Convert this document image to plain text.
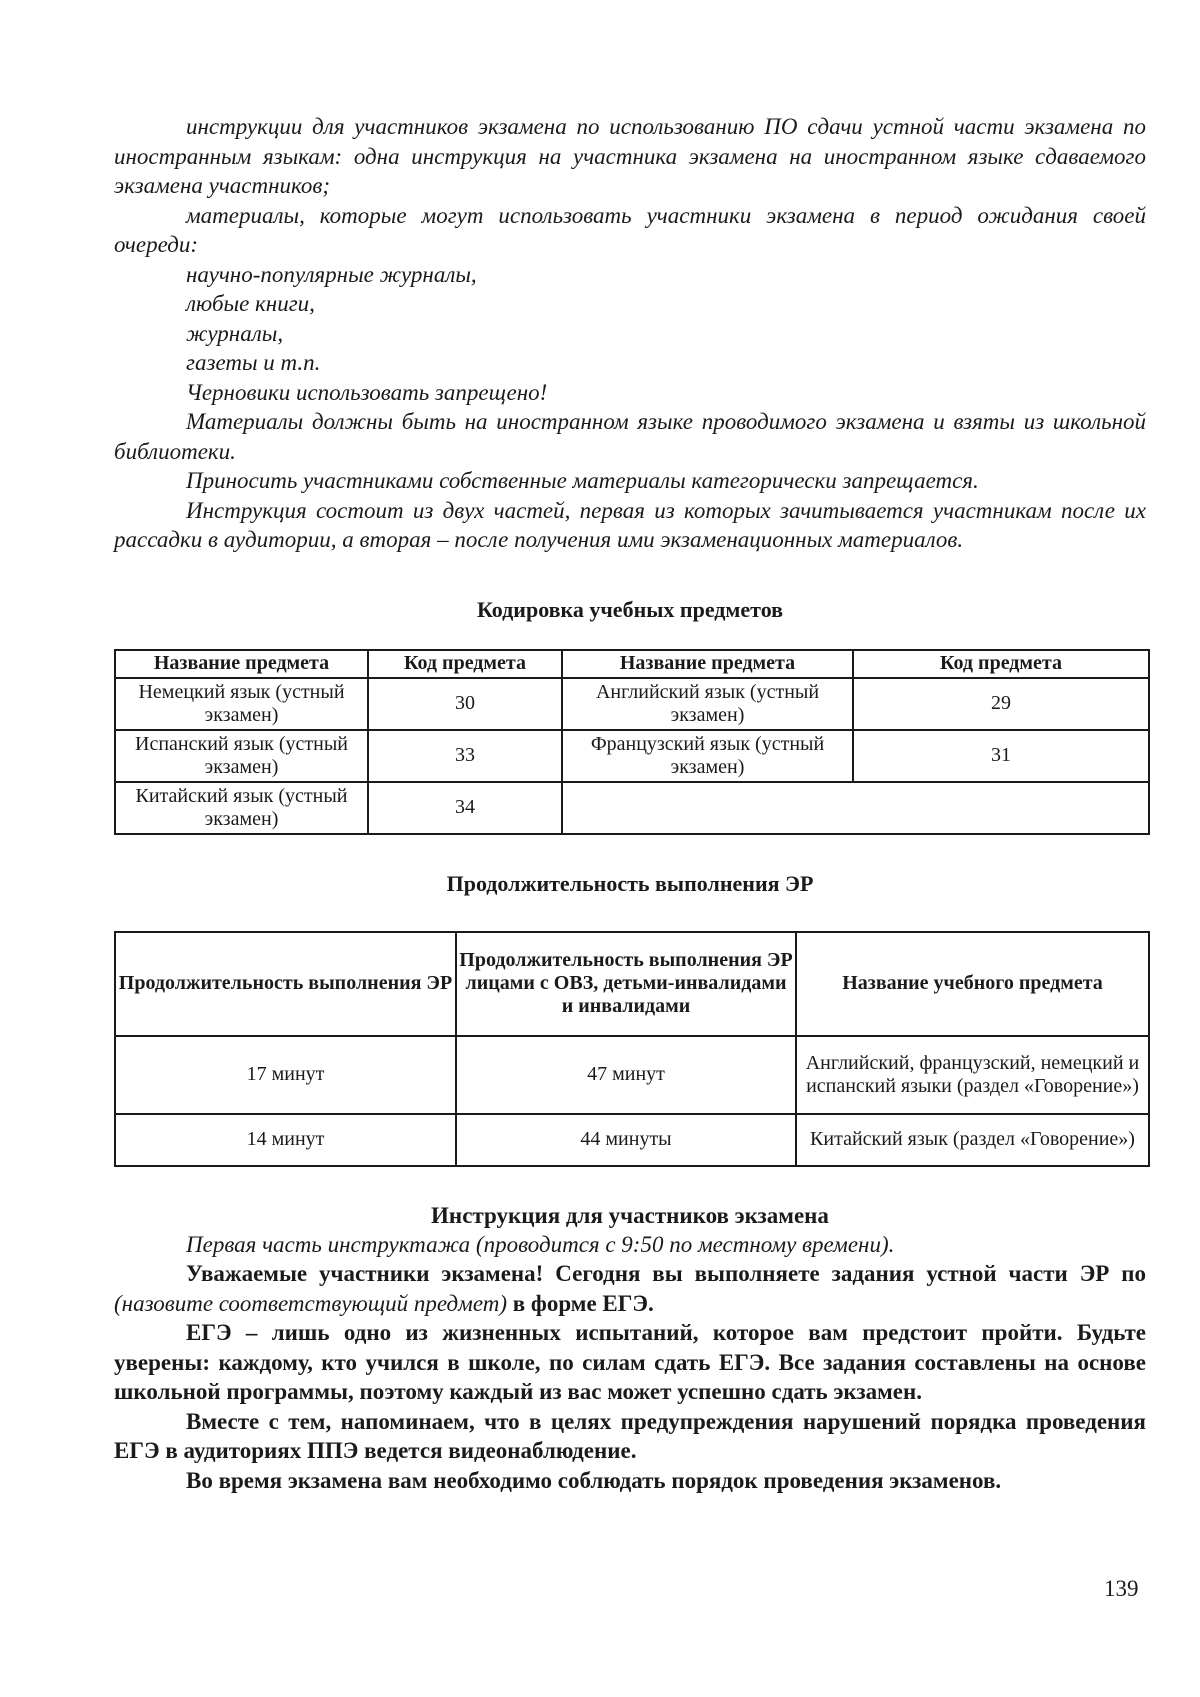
инструкции для участников экзамена по использованию ПО сдачи устной части экзамена по иностранным языкам: одна инструкция на участника экзамена на иностранном языке сдаваемого экзамена участников;

материалы, которые могут использовать участники экзамена в период ожидания своей очереди:

научно-популярные журналы,

любые книги,

журналы,

газеты и т.п.

Черновики использовать запрещено!

Материалы должны быть на иностранном языке проводимого экзамена и взяты из школьной библиотеки.

Приносить участниками собственные материалы категорически запрещается.

Инструкция состоит из двух частей, первая из которых зачитывается участникам после их рассадки в аудитории, а вторая – после получения ими экзаменационных материалов.

Кодировка учебных предметов
Название предмета	Код предмета	Название предмета	Код предмета
Немецкий язык (устный экзамен)	30	Английский язык (устный экзамен)	29
Испанский язык (устный экзамен)	33	Французский язык (устный экзамен)	31
Китайский язык (устный экзамен)	34		
Продолжительность выполнения ЭР
Продолжительность выполнения ЭР	Продолжительность выполнения ЭР лицами с ОВЗ, детьми-инвалидами и инвалидами	Название учебного предмета
17 минут	47 минут	Английский, французский, немецкий и испанский языки (раздел «Говорение»)
14 минут	44 минуты	Китайский язык (раздел «Говорение»)
Инструкция для участников экзамена

Первая часть инструктажа (проводится с 9:50 по местному времени).

Уважаемые участники экзамена! Сегодня вы выполняете задания устной части ЭР по (назовите соответствующий предмет) в форме ЕГЭ.

ЕГЭ – лишь одно из жизненных испытаний, которое вам предстоит пройти. Будьте уверены: каждому, кто учился в школе, по силам сдать ЕГЭ. Все задания составлены на основе школьной программы, поэтому каждый из вас может успешно сдать экзамен.

Вместе с тем, напоминаем, что в целях предупреждения нарушений порядка проведения ЕГЭ в аудиториях ППЭ ведется видеонаблюдение.

Во время экзамена вам необходимо соблюдать порядок проведения экзаменов.

139
